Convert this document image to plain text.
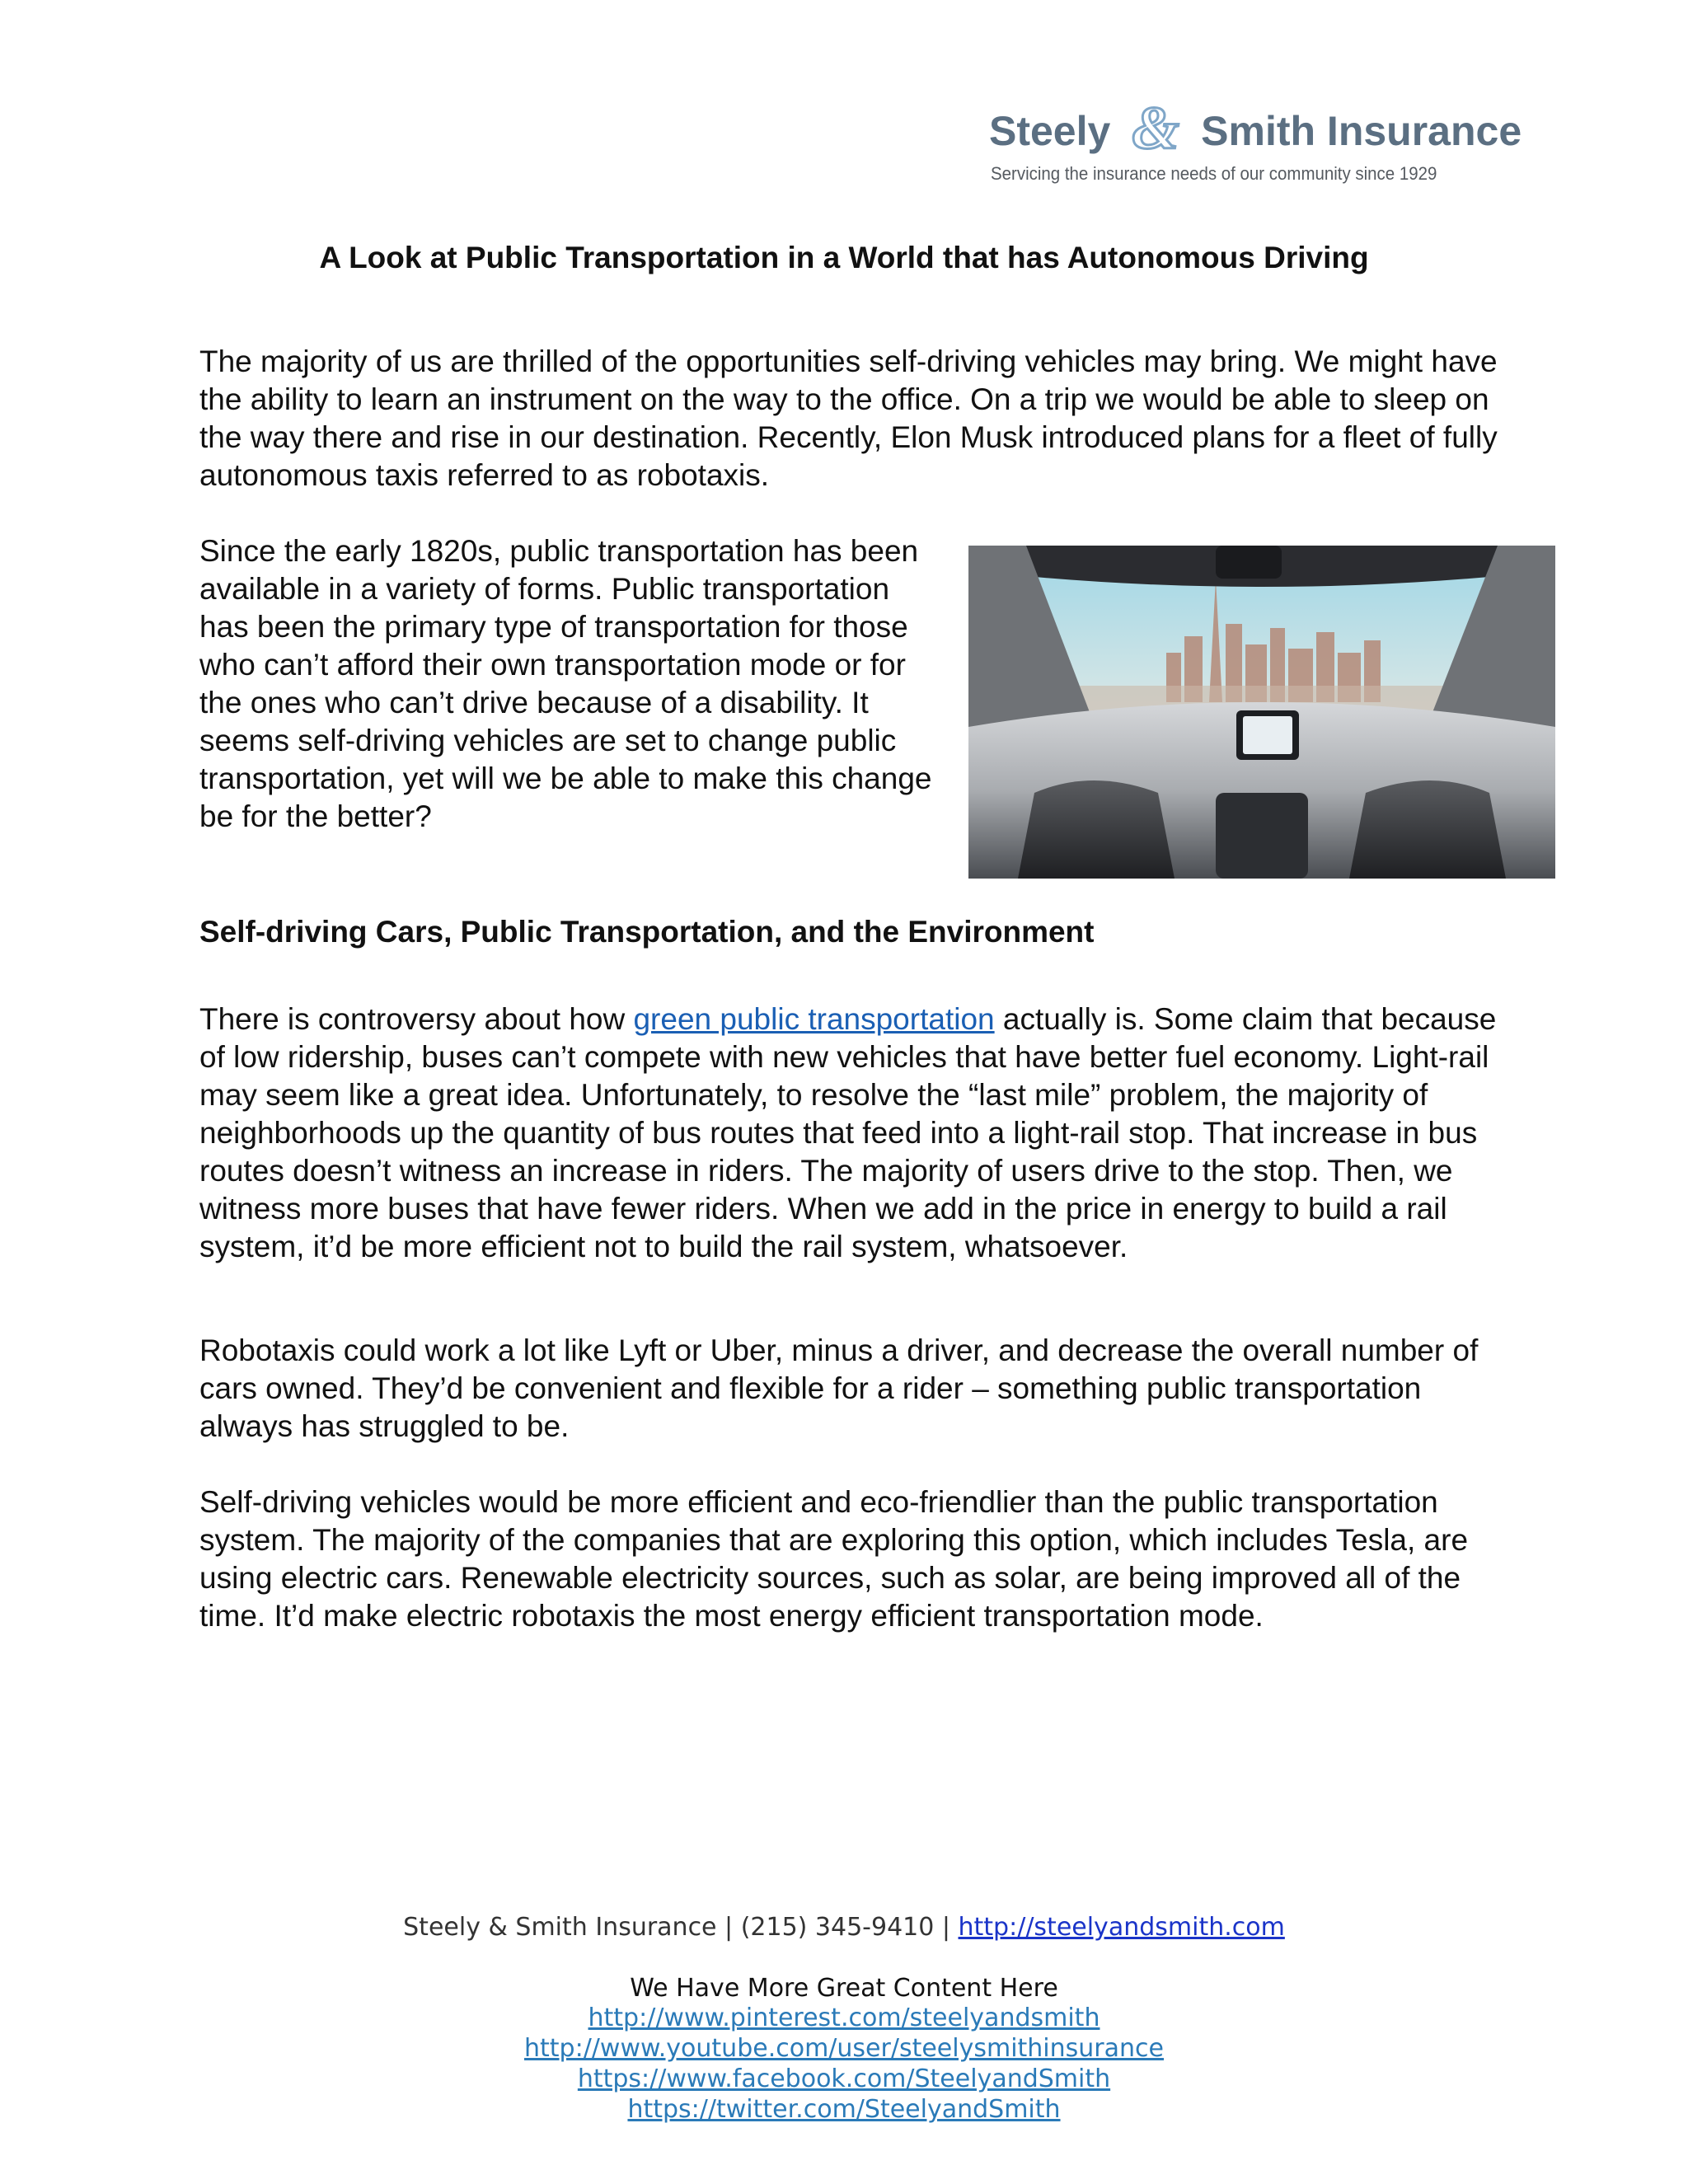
Steely & Smith Insurance
Servicing the insurance needs of our community since 1929
A Look at Public Transportation in a World that has Autonomous Driving

The majority of us are thrilled of the opportunities self-driving vehicles may bring. We might have the ability to learn an instrument on the way to the office. On a trip we would be able to sleep on the way there and rise in our destination. Recently, Elon Musk introduced plans for a fleet of fully autonomous taxis referred to as robotaxis.

Since the early 1820s, public transportation has been available in a variety of forms. Public transportation has been the primary type of transportation for those who can’t afford their own transportation mode or for the ones who can’t drive because of a disability. It seems self-driving vehicles are set to change public transportation, yet will we be able to make this change be for the better?

Self-driving Cars, Public Transportation, and the Environment

There is controversy about how green public transportation actually is. Some claim that because of low ridership, buses can’t compete with new vehicles that have better fuel economy. Light-rail may seem like a great idea. Unfortunately, to resolve the “last mile” problem, the majority of neighborhoods up the quantity of bus routes that feed into a light-rail stop. That increase in bus routes doesn’t witness an increase in riders. The majority of users drive to the stop. Then, we witness more buses that have fewer riders. When we add in the price in energy to build a rail system, it’d be more efficient not to build the rail system, whatsoever.

Robotaxis could work a lot like Lyft or Uber, minus a driver, and decrease the overall number of cars owned. They’d be convenient and flexible for a rider – something public transportation always has struggled to be.

Self-driving vehicles would be more efficient and eco-friendlier than the public transportation system. The majority of the companies that are exploring this option, which includes Tesla, are using electric cars. Renewable electricity sources, such as solar, are being improved all of the time. It’d make electric robotaxis the most energy efficient transportation mode.

Steely & Smith Insurance | (215) 345-9410 | http://steelyandsmith.com
We Have More Great Content Here
http://www.pinterest.com/steelyandsmith
http://www.youtube.com/user/steelysmithinsurance
https://www.facebook.com/SteelyandSmith
https://twitter.com/SteelyandSmith
